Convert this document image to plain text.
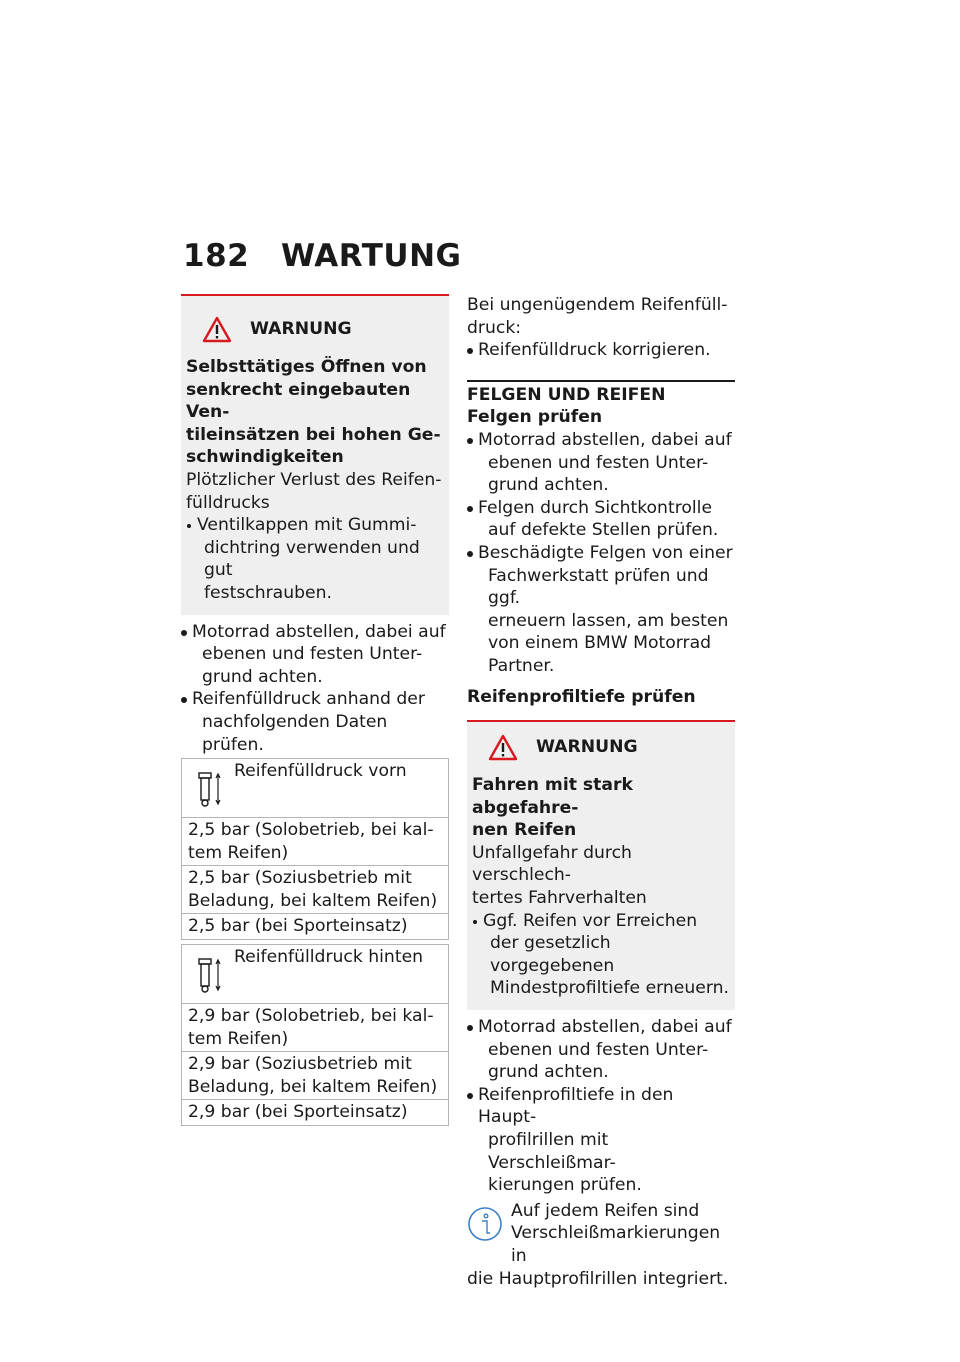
182 WARTUNG
WARNUNG
Selbsttätiges Öffnen von
senkrecht eingebauten Ven-
tileinsätzen bei hohen Ge-
schwindigkeiten
Plötzlicher Verlust des Reifen-
fülldrucks
Ventilkappen mit Gummi-
dichtring verwenden und gut
festschrauben.
Motorrad abstellen, dabei auf
ebenen und festen Unter-
grund achten.
Reifenfülldruck anhand der
nachfolgenden Daten prüfen.
Reifenfülldruck vorn

2,5 bar (Solobetrieb, bei kal-
tem Reifen)

2,5 bar (Soziusbetrieb mit
Beladung, bei kaltem Reifen)

2,5 bar (bei Sporteinsatz)
Reifenfülldruck hinten

2,9 bar (Solobetrieb, bei kal-
tem Reifen)

2,9 bar (Soziusbetrieb mit
Beladung, bei kaltem Reifen)

2,9 bar (bei Sporteinsatz)
Bei ungenügendem Reifenfüll-
druck:
Reifenfülldruck korrigieren.
FELGEN UND REIFEN
Felgen prüfen
Motorrad abstellen, dabei auf
ebenen und festen Unter-
grund achten.
Felgen durch Sichtkontrolle
auf defekte Stellen prüfen.
Beschädigte Felgen von einer
Fachwerkstatt prüfen und ggf.
erneuern lassen, am besten
von einem BMW Motorrad
Partner.
Reifenprofiltiefe prüfen
WARNUNG
Fahren mit stark abgefahre-
nen Reifen
Unfallgefahr durch verschlech-
tertes Fahrverhalten
Ggf. Reifen vor Erreichen
der gesetzlich vorgegebenen
Mindestprofiltiefe erneuern.
Motorrad abstellen, dabei auf
ebenen und festen Unter-
grund achten.
Reifenprofiltiefe in den Haupt-
profilrillen mit Verschleißmar-
kierungen prüfen.
Auf jedem Reifen sind
Verschleißmarkierungen in
die Hauptprofilrillen integriert.
